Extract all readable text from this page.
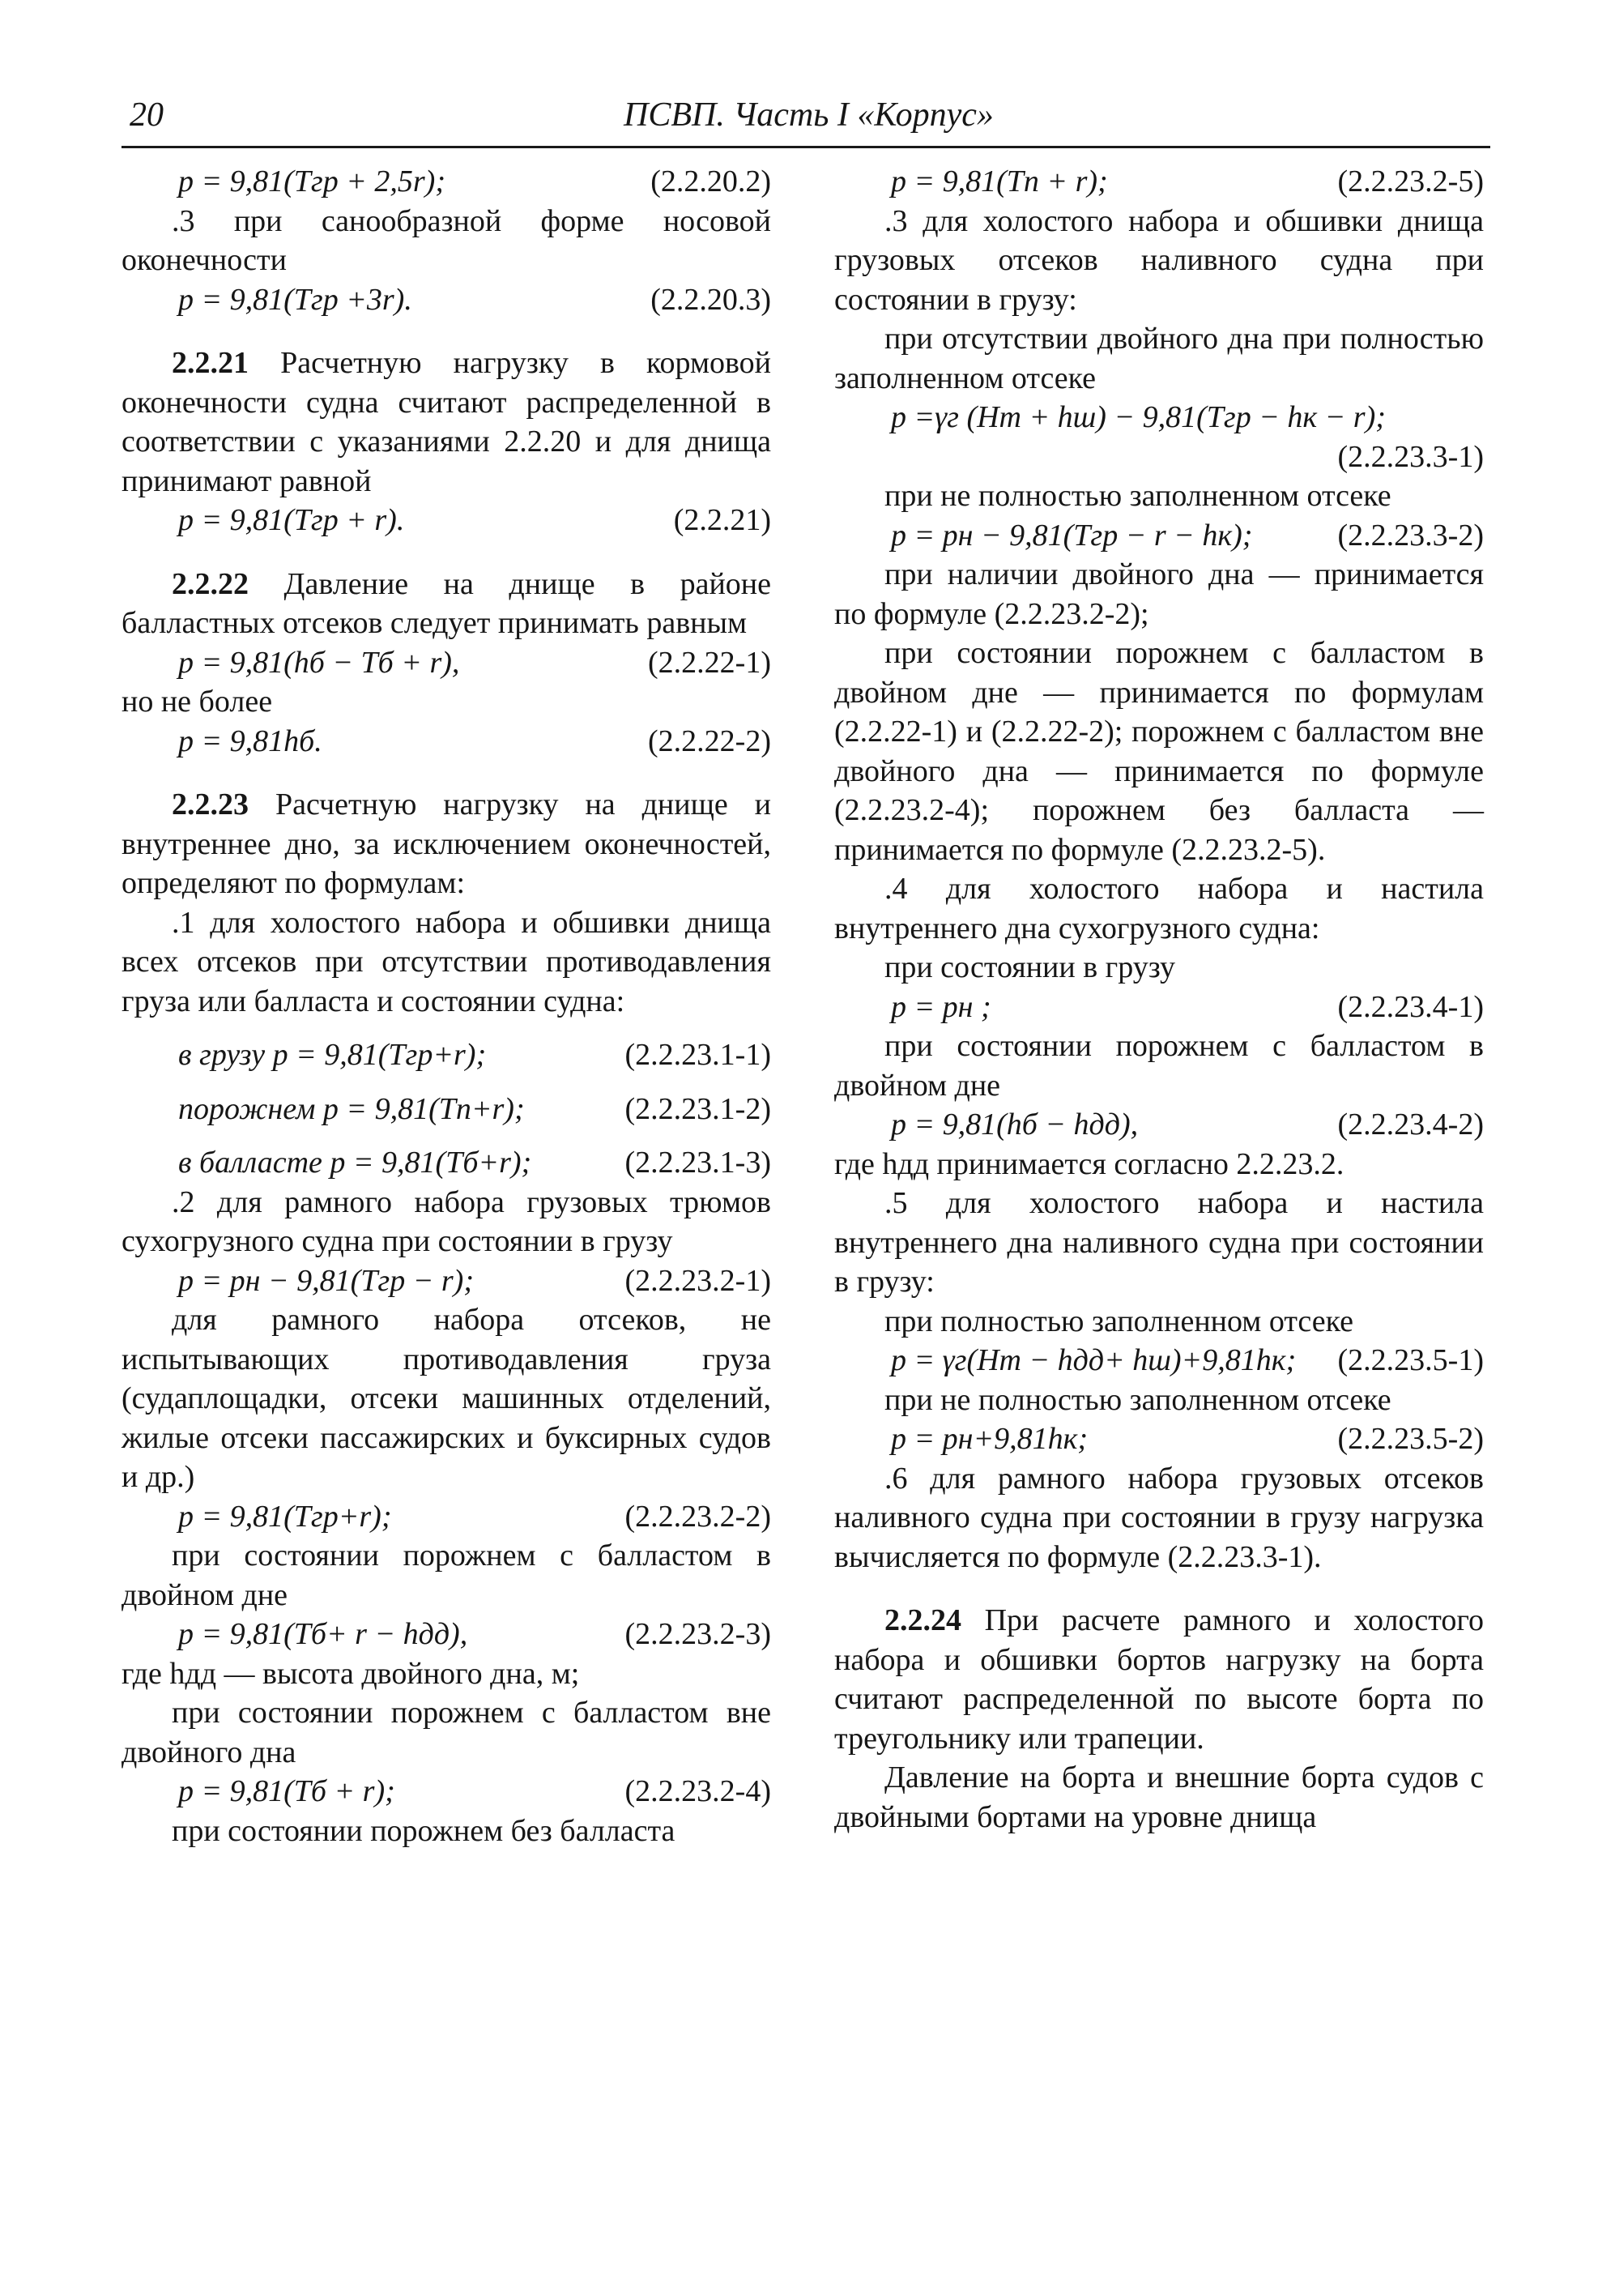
20	ПСВП. Часть I «Корпус»
p = 9,81(Tгр + 2,5r);	(2.2.20.2)

.3 при санообразной форме носовой оконечности

p = 9,81(Tгр +3r).	(2.2.20.3)

2.2.21 Расчетную нагрузку в кормовой оконечности судна считают распределенной в соответствии с указаниями 2.2.20 и для днища принимают равной

p = 9,81(Tгр + r).	(2.2.21)

2.2.22 Давление на днище в районе балластных отсеков следует принимать равным

p = 9,81(hб − Tб + r),	(2.2.22-1)

но не более

p = 9,81hб.	(2.2.22-2)

2.2.23 Расчетную нагрузку на днище и внутреннее дно, за исключением оконечностей, определяют по формулам:

.1 для холостого набора и обшивки днища всех отсеков при отсутствии противодавления груза или балласта и состоянии судна:

в грузу p = 9,81(Tгр+r);	(2.2.23.1-1)
порожнем p = 9,81(Tп+r);	(2.2.23.1-2)
в балласте p = 9,81(Tб+r);	(2.2.23.1-3)

.2 для рамного набора грузовых трюмов сухогрузного судна при состоянии в грузу

p = pн − 9,81(Tгр − r);	(2.2.23.2-1)

для рамного набора отсеков, не испытывающих противодавления груза (судаплощадки, отсеки машинных отделений, жилые отсеки пассажирских и буксирных судов и др.)

p = 9,81(Tгр+r);	(2.2.23.2-2)

при состоянии порожнем с балластом в двойном дне

p = 9,81(Tб+ r − hдд),	(2.2.23.2-3)

где hдд — высота двойного дна, м;

при состоянии порожнем с балластом вне двойного дна

p = 9,81(Tб + r);	(2.2.23.2-4)

при состоянии порожнем без балласта

p = 9,81(Tп + r);	(2.2.23.2-5)

.3 для холостого набора и обшивки днища грузовых отсеков наливного судна при состоянии в грузу:

при отсутствии двойного дна при полностью заполненном отсеке

p =γг (Hт + hш) − 9,81(Tгр − hк − r);

(2.2.23.3-1)

при не полностью заполненном отсеке

p = pн − 9,81(Tгр − r − hк);	(2.2.23.3-2)

при наличии двойного дна — принимается по формуле (2.2.23.2-2);

при состоянии порожнем с балластом в двойном дне — принимается по формулам (2.2.22-1) и (2.2.22-2); порожнем с балластом вне двойного дна — принимается по формуле (2.2.23.2-4); порожнем без балласта — принимается по формуле (2.2.23.2-5).

.4 для холостого набора и настила внутреннего дна сухогрузного судна:

при состоянии в грузу

p = pн ;	(2.2.23.4-1)

при состоянии порожнем с балластом в двойном дне

p = 9,81(hб − hдд),	(2.2.23.4-2)

где hдд принимается согласно 2.2.23.2.

.5 для холостого набора и настила внутреннего дна наливного судна при состоянии в грузу:

при полностью заполненном отсеке

p = γг(Hт − hдд+ hш)+9,81hк; (2.2.23.5-1)

при не полностью заполненном отсеке

p = pн+9,81hк;	(2.2.23.5-2)

.6 для рамного набора грузовых отсеков наливного судна при состоянии в грузу нагрузка вычисляется по формуле (2.2.23.3-1).

2.2.24 При расчете рамного и холостого набора и обшивки бортов нагрузку на борта считают распределенной по высоте борта по треугольнику или трапеции.

Давление на борта и внешние борта судов с двойными бортами на уровне днища
